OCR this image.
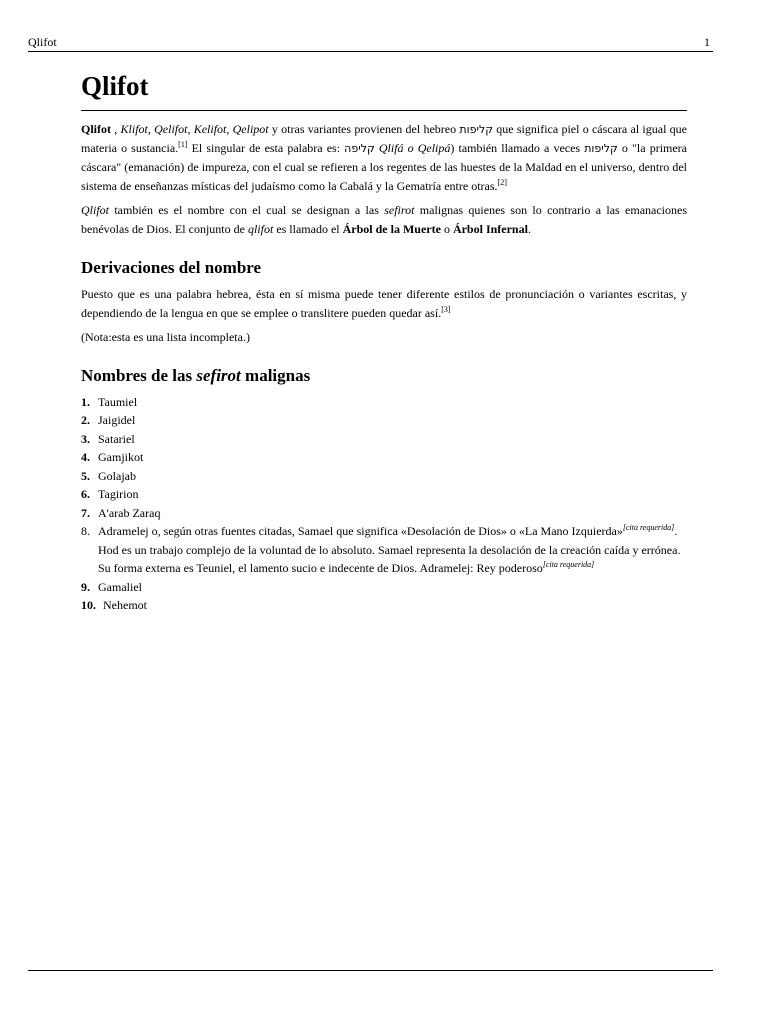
Qlifot	1
Qlifot

Qlifot , Klifot, Qelifot, Kelifot, Qelipot y otras variantes provienen del hebreo קליפות que significa piel o cáscara al igual que materia o sustancia.[1] El singular de esta palabra es: קליפה Qlifá o Qelipá) también llamado a veces קליפות o "la primera cáscara" (emanación) de impureza, con el cual se refieren a los regentes de las huestes de la Maldad en el universo, dentro del sistema de enseñanzas místicas del judaísmo como la Cabalá y la Gematría entre otras.[2]

Qlifot también es el nombre con el cual se designan a las sefirot malignas quienes son lo contrario a las emanaciones benévolas de Dios. El conjunto de qlifot es llamado el Árbol de la Muerte o Árbol Infernal.

Derivaciones del nombre

Puesto que es una palabra hebrea, ésta en sí misma puede tener diferente estilos de pronunciación o variantes escritas, y dependiendo de la lengua en que se emplee o translitere pueden quedar así.[3]

(Nota:esta es una lista incompleta.)

Nombres de las sefirot malignas
1. Taumiel
2. Jaigidel
3. Satariel
4. Gamjikot
5. Golajab
6. Tagirion
7. A'arab Zaraq
8. Adramelej o, según otras fuentes citadas, Samael que significa «Desolación de Dios» o «La Mano Izquierda»[cita requerida]. Hod es un trabajo complejo de la voluntad de lo absoluto. Samael representa la desolación de la creación caída y errónea. Su forma externa es Teuniel, el lamento sucio e indecente de Dios. Adramelej: Rey poderoso[cita requerida]
9. Gamaliel
10. Nehemot
